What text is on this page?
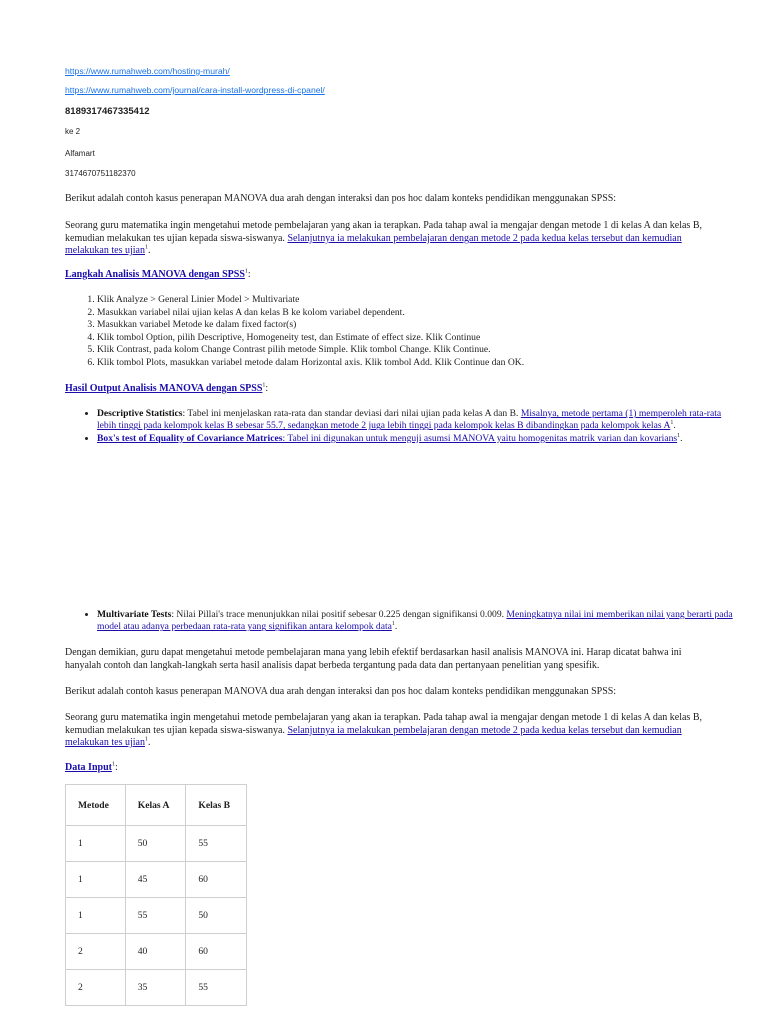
https://www.rumahweb.com/hosting-murah/
https://www.rumahweb.com/journal/cara-install-wordpress-di-cpanel/
8189317467335412
ke 2
Alfamart
3174670751182370

Berikut adalah contoh kasus penerapan MANOVA dua arah dengan interaksi dan pos hoc dalam konteks pendidikan menggunakan SPSS:

Seorang guru matematika ingin mengetahui metode pembelajaran yang akan ia terapkan. Pada tahap awal ia mengajar dengan metode 1 di kelas A dan kelas B, kemudian melakukan tes ujian kepada siswa-siswanya. Selanjutnya ia melakukan pembelajaran dengan metode 2 pada kedua kelas tersebut dan kemudian melakukan tes ujian$^1$.

Langkah Analisis MANOVA dengan SPSS$^1$:

1. Klik Analyze > General Linier Model > Multivariate
2. Masukkan variabel nilai ujian kelas A dan kelas B ke kolom variabel dependent.
3. Masukkan variabel Metode ke dalam fixed factor(s)
4. Klik tombol Option, pilih Descriptive, Homogeneity test, dan Estimate of effect size. Klik Continue
5. Klik Contrast, pada kolom Change Contrast pilih metode Simple. Klik tombol Change. Klik Continue.
6. Klik tombol Plots, masukkan variabel metode dalam Horizontal axis. Klik tombol Add. Klik Continue dan OK.

Hasil Output Analisis MANOVA dengan SPSS$^1$:

• Descriptive Statistics: Tabel ini menjelaskan rata-rata dan standar deviasi dari nilai ujian pada kelas A dan B. Misalnya, metode pertama (1) memperoleh rata-rata lebih tinggi pada kelompok kelas B sebesar 55.7, sedangkan metode 2 juga lebih tinggi pada kelompok kelas B dibandingkan pada kelompok kelas $A^1$.
• Box's test of Equality of Covariance Matrices: Tabel ini digunakan untuk menguji asumsi MANOVA yaitu homogenitas matrik varian dan kovarians$^1$.
• Multivariate Tests: Nilai Pillai's trace menunjukkan nilai positif sebesar 0.225 dengan signifikansi 0.009. Meningkatnya nilai ini memberikan nilai yang berarti pada model atau adanya perbedaan rata-rata yang signifikan antara kelompok data$^1$.

Dengan demikian, guru dapat mengetahui metode pembelajaran mana yang lebih efektif berdasarkan hasil analisis MANOVA ini. Harap dicatat bahwa ini hanyalah contoh dan langkah-langkah serta hasil analisis dapat berbeda tergantung pada data dan pertanyaan penelitian yang spesifik.

Berikut adalah contoh kasus penerapan MANOVA dua arah dengan interaksi dan pos hoc dalam konteks pendidikan menggunakan SPSS:

Seorang guru matematika ingin mengetahui metode pembelajaran yang akan ia terapkan. Pada tahap awal ia mengajar dengan metode 1 di kelas A dan kelas B, kemudian melakukan tes ujian kepada siswa-siswanya. Selanjutnya ia melakukan pembelajaran dengan metode 2 pada kedua kelas tersebut dan kemudian melakukan tes ujian$^1$.

Data Input$^1$:

Metode	Kelas A	Kelas B
1	50	55
1	45	60
1	55	50
2	40	60
2	35	55
